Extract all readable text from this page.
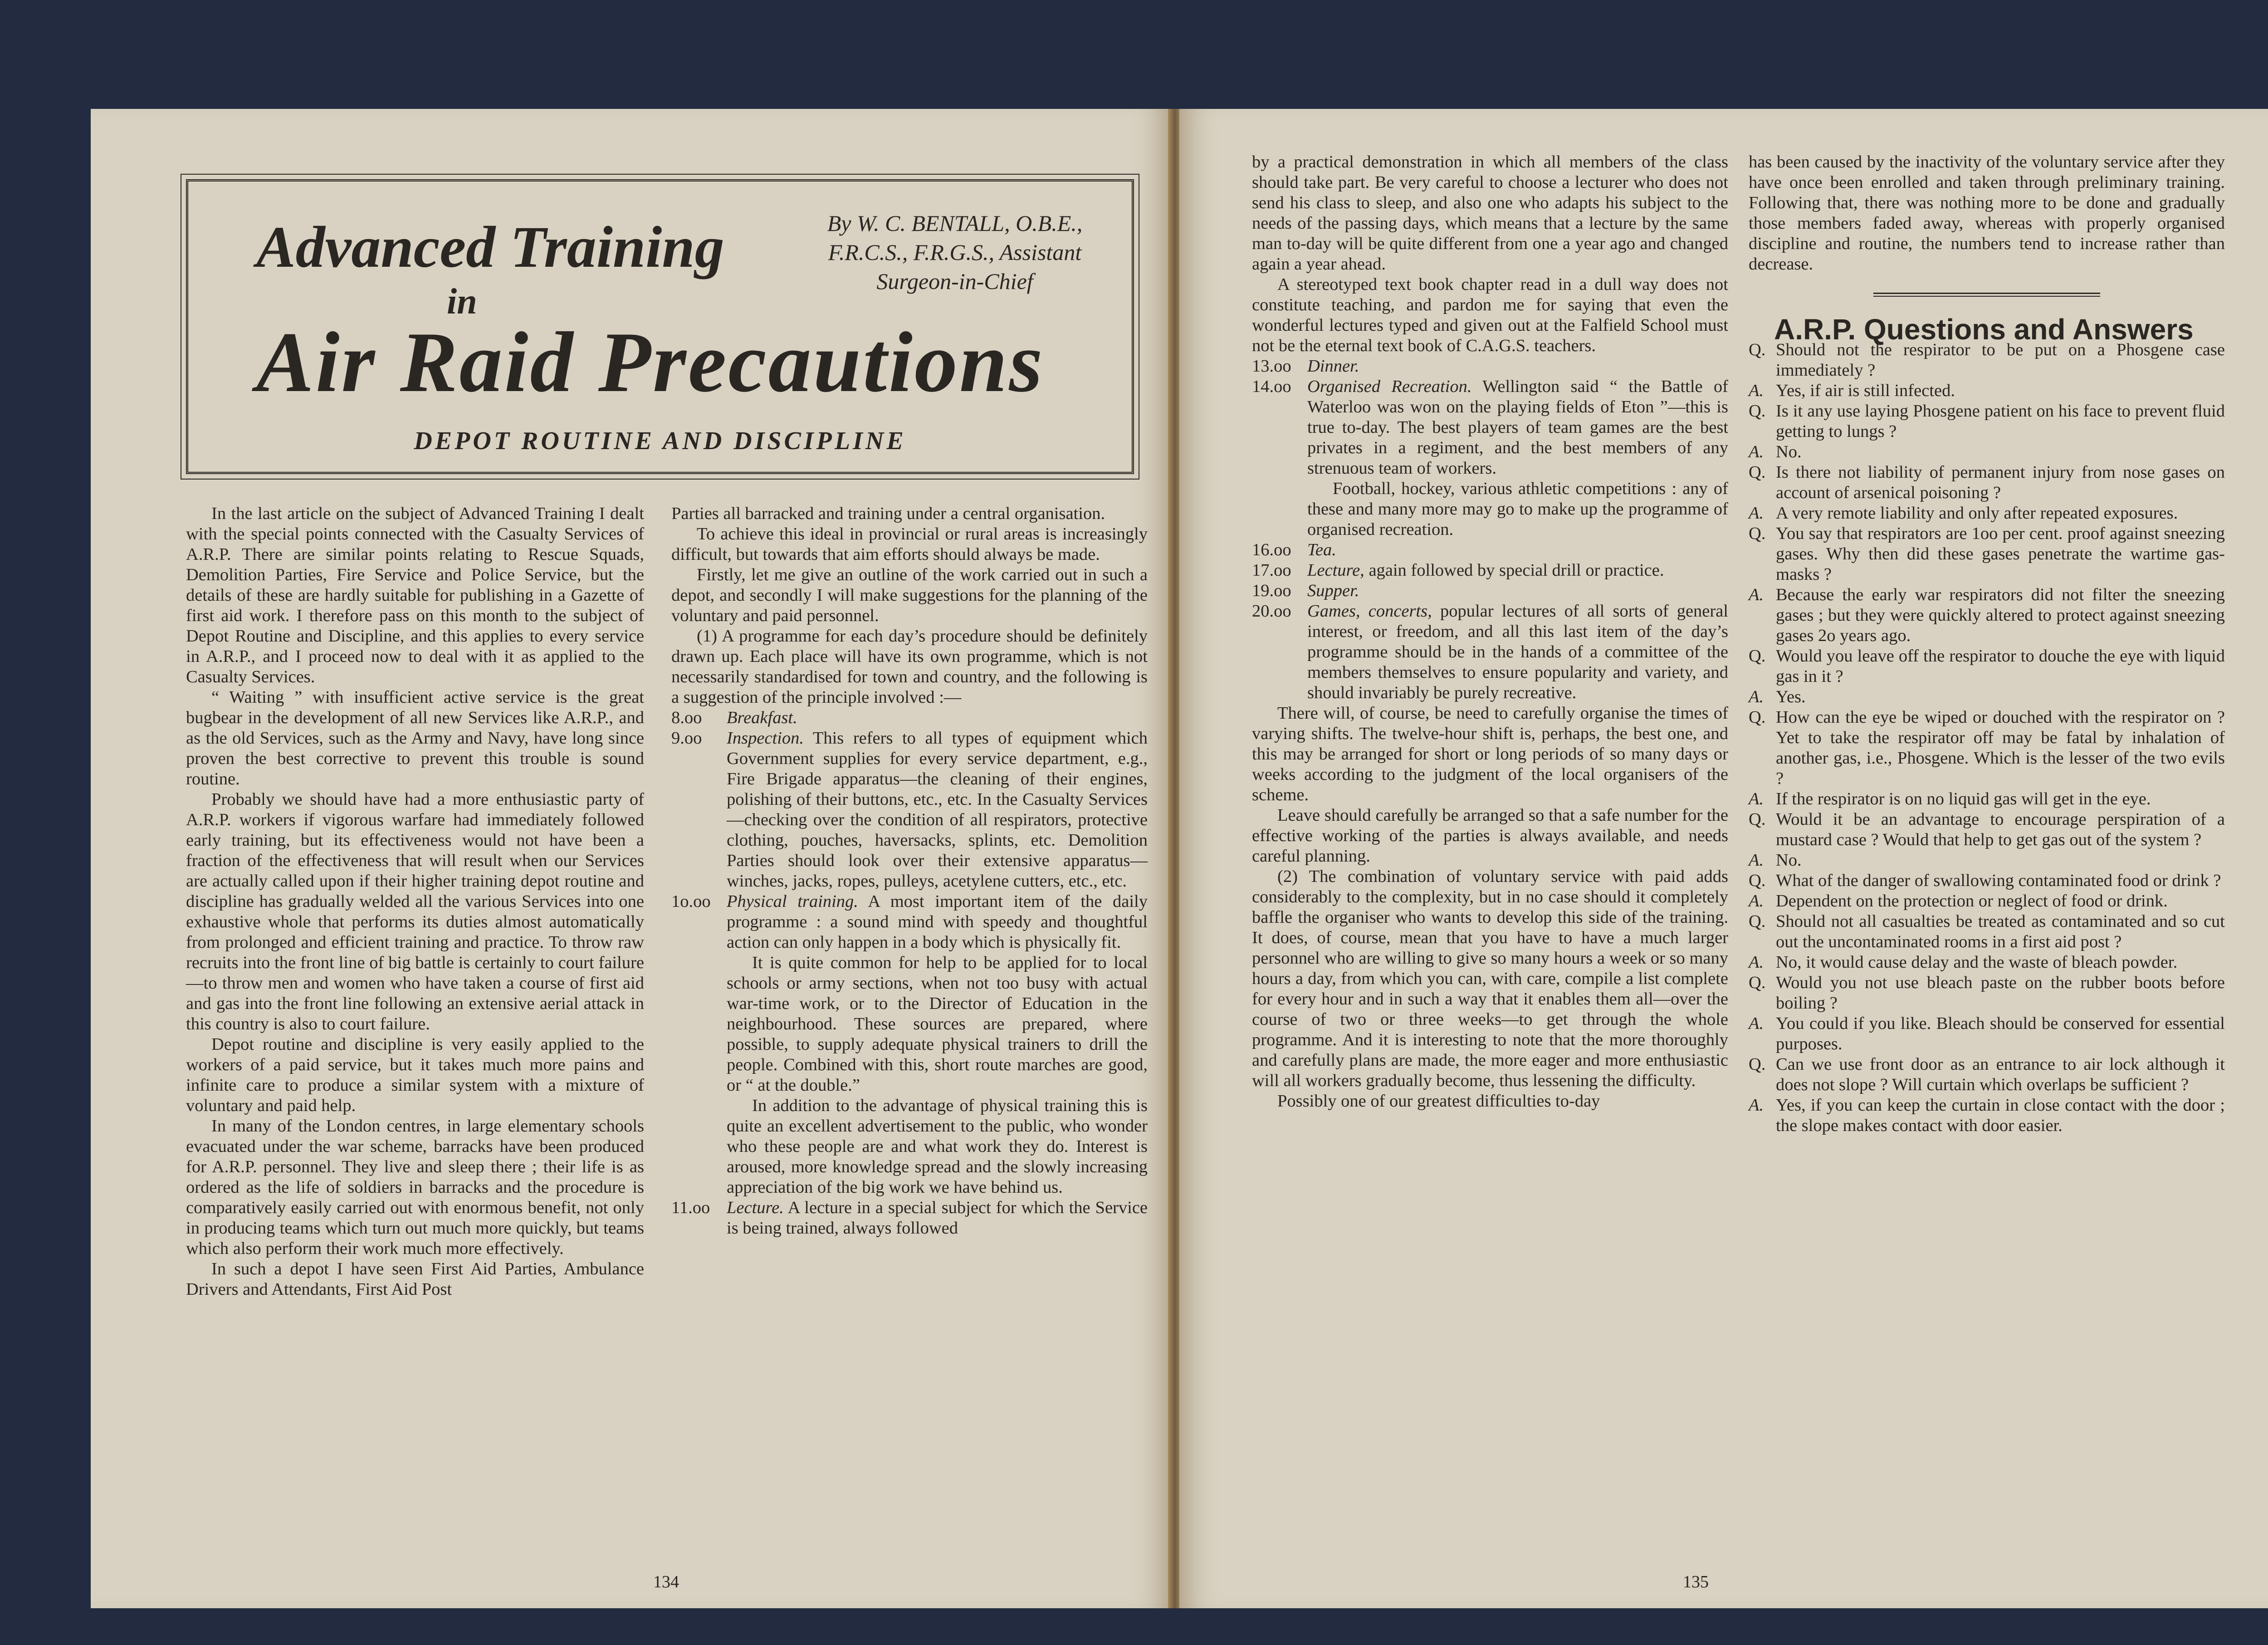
Advanced Training
in
By W. C. BENTALL, O.B.E.,
F.R.C.S., F.R.G.S., Assistant
Surgeon-in-Chief
Air Raid Precautions
DEPOT ROUTINE AND DISCIPLINE

In the last article on the subject of Advanced Training I dealt with the special points connected with the Casualty Services of A.R.P. There are similar points relating to Rescue Squads, Demolition Parties, Fire Service and Police Service, but the details of these are hardly suitable for publishing in a Gazette of first aid work. I therefore pass on this month to the subject of Depot Routine and Discipline, and this applies to every service in A.R.P., and I proceed now to deal with it as applied to the Casualty Services.

“ Waiting ” with insufficient active service is the great bugbear in the development of all new Services like A.R.P., and as the old Services, such as the Army and Navy, have long since proven the best corrective to prevent this trouble is sound routine.

Probably we should have had a more enthusiastic party of A.R.P. workers if vigorous warfare had immediately followed early training, but its effectiveness would not have been a fraction of the effectiveness that will result when our Services are actually called upon if their higher training depot routine and discipline has gradually welded all the various Services into one exhaustive whole that performs its duties almost automatically from prolonged and efficient training and practice. To throw raw recruits into the front line of big battle is certainly to court failure—to throw men and women who have taken a course of first aid and gas into the front line following an extensive aerial attack in this country is also to court failure.

Depot routine and discipline is very easily applied to the workers of a paid service, but it takes much more pains and infinite care to produce a similar system with a mixture of voluntary and paid help.

In many of the London centres, in large elementary schools evacuated under the war scheme, barracks have been produced for A.R.P. personnel. They live and sleep there ; their life is as ordered as the life of soldiers in barracks and the procedure is comparatively easily carried out with enormous benefit, not only in producing teams which turn out much more quickly, but teams which also perform their work much more effectively.

In such a depot I have seen First Aid Parties, Ambulance Drivers and Attendants, First Aid Post

Parties all barracked and training under a central organisation.

To achieve this ideal in provincial or rural areas is increasingly difficult, but towards that aim efforts should always be made.

Firstly, let me give an outline of the work carried out in such a depot, and secondly I will make suggestions for the planning of the voluntary and paid personnel.

(1) A programme for each day’s procedure should be definitely drawn up. Each place will have its own programme, which is not necessarily standardised for town and country, and the following is a suggestion of the principle involved :—

8.oo	Breakfast.
9.oo	Inspection. This refers to all types of equipment which Government supplies for every service department, e.g., Fire Brigade apparatus—the cleaning of their engines, polishing of their buttons, etc., etc. In the Casualty Services—checking over the condition of all respirators, protective clothing, pouches, haversacks, splints, etc. Demolition Parties should look over their extensive apparatus—winches, jacks, ropes, pulleys, acetylene cutters, etc., etc.
1o.oo Physical training. A most important item of the daily programme : a sound mind with speedy and thoughtful action can only happen in a body which is physically fit.

It is quite common for help to be applied for to local schools or army sections, when not too busy with actual war-time work, or to the Director of Education in the neighbourhood. These sources are prepared, where possible, to supply adequate physical trainers to drill the people. Combined with this, short route marches are good, or “ at the double.”

In addition to the advantage of physical training this is quite an excellent advertisement to the public, who wonder who these people are and what work they do. Interest is aroused, more knowledge spread and the slowly increasing appreciation of the big work we have behind us.

11.oo Lecture. A lecture in a special subject for which the Service is being trained, always followed
134

by a practical demonstration in which all members of the class should take part. Be very careful to choose a lecturer who does not send his class to sleep, and also one who adapts his subject to the needs of the passing days, which means that a lecture by the same man to-day will be quite different from one a year ago and changed again a year ahead.

A stereotyped text book chapter read in a dull way does not constitute teaching, and pardon me for saying that even the wonderful lectures typed and given out at the Falfield School must not be the eternal text book of C.A.G.S. teachers.

13.oo Dinner.
14.oo Organised Recreation. Wellington said “ the Battle of Waterloo was won on the playing fields of Eton ”—this is true to-day. The best players of team games are the best privates in a regiment, and the best members of any strenuous team of workers.

Football, hockey, various athletic competitions : any of these and many more may go to make up the programme of organised recreation.

16.oo Tea.
17.oo Lecture, again followed by special drill or practice.
19.oo Supper.
20.oo Games, concerts, popular lectures of all sorts of general interest, or freedom, and all this last item of the day’s programme should be in the hands of a committee of the members themselves to ensure popularity and variety, and should invariably be purely recreative.

There will, of course, be need to carefully organise the times of varying shifts. The twelve-hour shift is, perhaps, the best one, and this may be arranged for short or long periods of so many days or weeks according to the judgment of the local organisers of the scheme.

Leave should carefully be arranged so that a safe number for the effective working of the parties is always available, and needs careful planning.

(2) The combination of voluntary service with paid adds considerably to the complexity, but in no case should it completely baffle the organiser who wants to develop this side of the training. It does, of course, mean that you have to have a much larger personnel who are willing to give so many hours a week or so many hours a day, from which you can, with care, compile a list complete for every hour and in such a way that it enables them all—over the course of two or three weeks—to get through the whole programme. And it is interesting to note that the more thoroughly and carefully plans are made, the more eager and more enthusiastic will all workers gradually become, thus lessening the difficulty.

Possibly one of our greatest difficulties to-day

has been caused by the inactivity of the voluntary service after they have once been enrolled and taken through preliminary training. Following that, there was nothing more to be done and gradually those members faded away, whereas with properly organised discipline and routine, the numbers tend to increase rather than decrease.

A.R.P. Questions and Answers

Q. Should not the respirator to be put on a Phosgene case immediately ?
A. Yes, if air is still infected.
Q. Is it any use laying Phosgene patient on his face to prevent fluid getting to lungs ?
A. No.
Q. Is there not liability of permanent injury from nose gases on account of arsenical poisoning ?
A. A very remote liability and only after repeated exposures.
Q. You say that respirators are 1oo per cent. proof against sneezing gases. Why then did these gases penetrate the wartime gas-masks ?
A. Because the early war respirators did not filter the sneezing gases ; but they were quickly altered to protect against sneezing gases 2o years ago.
Q. Would you leave off the respirator to douche the eye with liquid gas in it ?
A. Yes.
Q. How can the eye be wiped or douched with the respirator on ? Yet to take the respirator off may be fatal by inhalation of another gas, i.e., Phosgene. Which is the lesser of the two evils ?
A. If the respirator is on no liquid gas will get in the eye.
Q. Would it be an advantage to encourage perspiration of a mustard case ? Would that help to get gas out of the system ?
A. No.
Q. What of the danger of swallowing contaminated food or drink ?
A. Dependent on the protection or neglect of food or drink.
Q. Should not all casualties be treated as contaminated and so cut out the uncontaminated rooms in a first aid post ?
A. No, it would cause delay and the waste of bleach powder.
Q. Would you not use bleach paste on the rubber boots before boiling ?
A. You could if you like. Bleach should be conserved for essential purposes.
Q. Can we use front door as an entrance to air lock although it does not slope ? Will curtain which overlaps be sufficient ?
A. Yes, if you can keep the curtain in close contact with the door ; the slope makes contact with door easier.
135
